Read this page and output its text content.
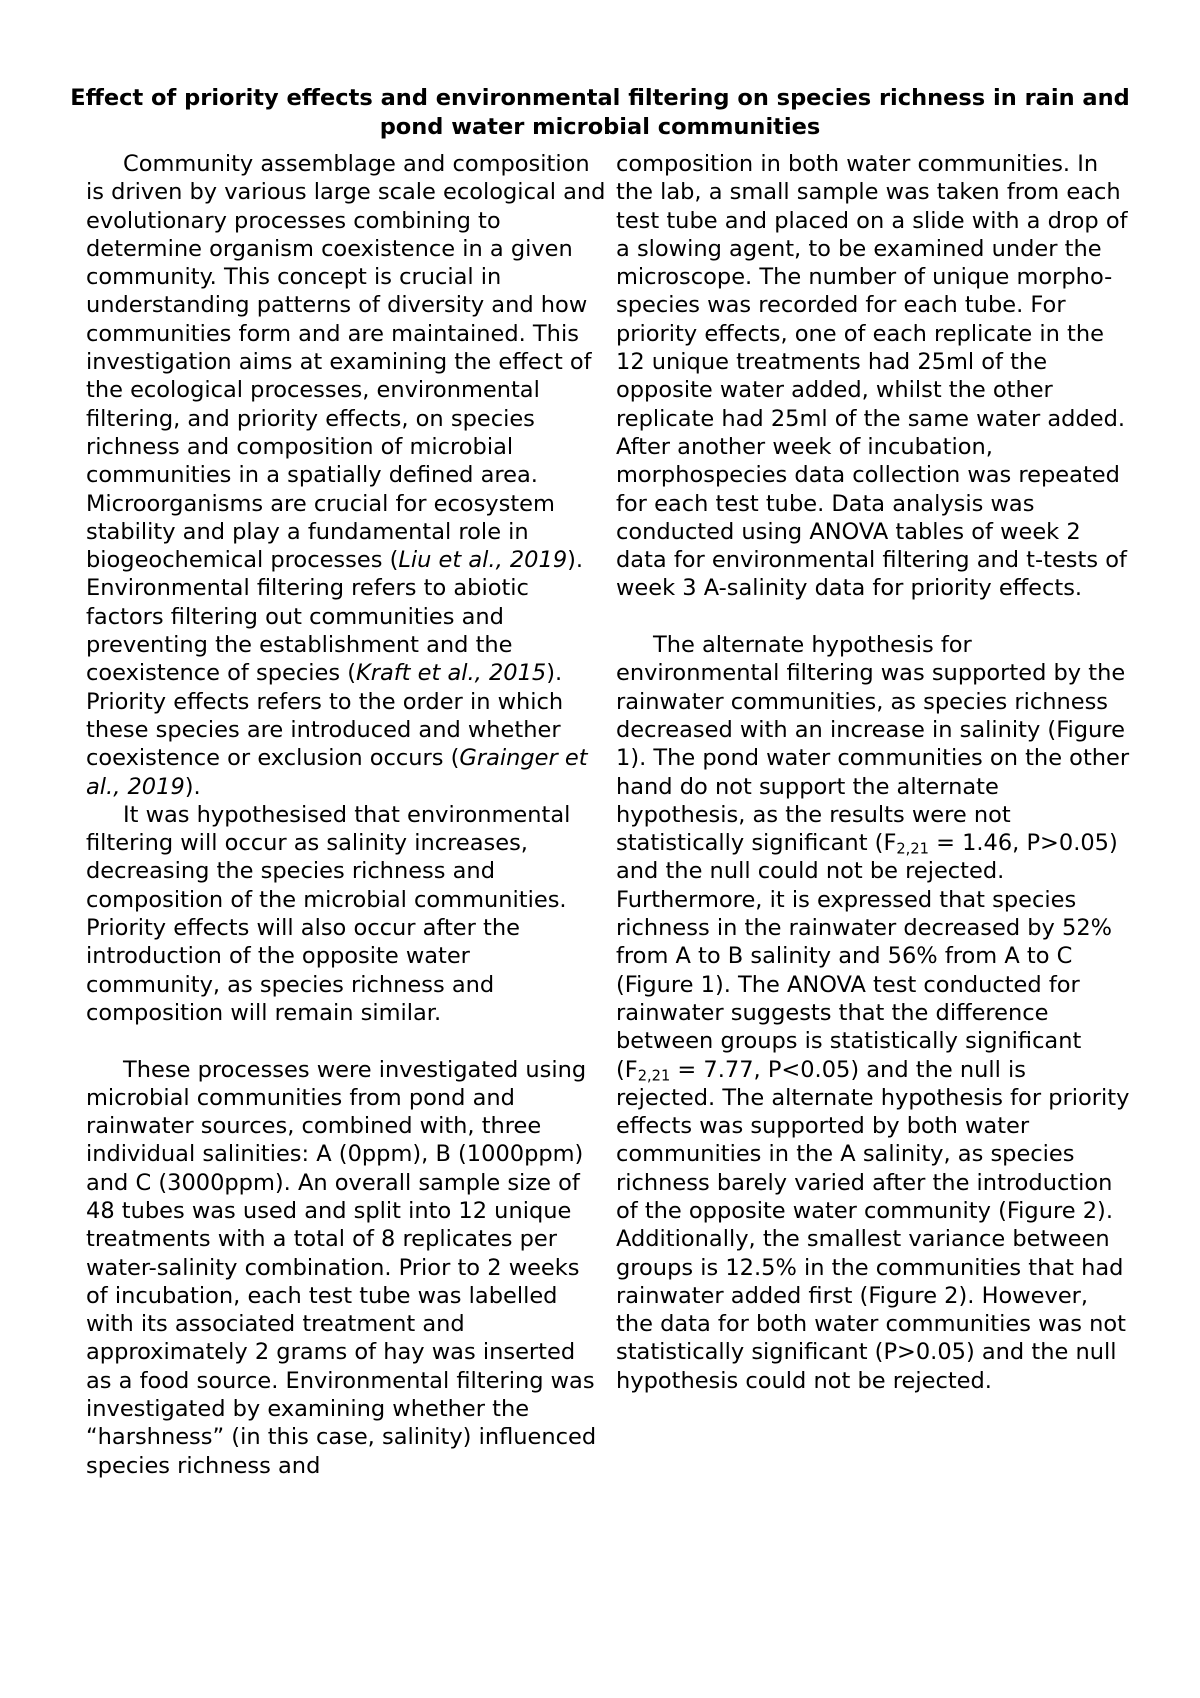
Effect of priority effects and environmental filtering on species richness in rain and pond water microbial communities

Community assemblage and composition is driven by various large scale ecological and evolutionary processes combining to determine organism coexistence in a given community. This concept is crucial in understanding patterns of diversity and how communities form and are maintained. This investigation aims at examining the effect of the ecological processes, environmental filtering, and priority effects, on species richness and composition of microbial communities in a spatially defined area. Microorganisms are crucial for ecosystem stability and play a fundamental role in biogeochemical processes (Liu et al., 2019). Environmental filtering refers to abiotic factors filtering out communities and preventing the establishment and the coexistence of species (Kraft et al., 2015). Priority effects refers to the order in which these species are introduced and whether coexistence or exclusion occurs (Grainger et al., 2019).

It was hypothesised that environmental filtering will occur as salinity increases, decreasing the species richness and composition of the microbial communities. Priority effects will also occur after the introduction of the opposite water community, as species richness and composition will remain similar.

These processes were investigated using microbial communities from pond and rainwater sources, combined with, three individual salinities: A (0ppm), B (1000ppm) and C (3000ppm). An overall sample size of 48 tubes was used and split into 12 unique treatments with a total of 8 replicates per water-salinity combination. Prior to 2 weeks of incubation, each test tube was labelled with its associated treatment and approximately 2 grams of hay was inserted as a food source. Environmental filtering was investigated by examining whether the “harshness” (in this case, salinity) influenced species richness and

composition in both water communities. In the lab, a small sample was taken from each test tube and placed on a slide with a drop of a slowing agent, to be examined under the microscope. The number of unique morpho-species was recorded for each tube. For priority effects, one of each replicate in the 12 unique treatments had 25ml of the opposite water added, whilst the other replicate had 25ml of the same water added. After another week of incubation, morphospecies data collection was repeated for each test tube. Data analysis was conducted using ANOVA tables of week 2 data for environmental filtering and t-tests of week 3 A-salinity data for priority effects.

The alternate hypothesis for environmental filtering was supported by the rainwater communities, as species richness decreased with an increase in salinity (Figure 1). The pond water communities on the other hand do not support the alternate hypothesis, as the results were not statistically significant ($F_{2,21} = 1.46$, P>0.05) and the null could not be rejected. Furthermore, it is expressed that species richness in the rainwater decreased by 52% from A to B salinity and 56% from A to C (Figure 1). The ANOVA test conducted for rainwater suggests that the difference between groups is statistically significant ($F_{2,21} = 7.77$, P<0.05) and the null is rejected. The alternate hypothesis for priority effects was supported by both water communities in the A salinity, as species richness barely varied after the introduction of the opposite water community (Figure 2). Additionally, the smallest variance between groups is 12.5% in the communities that had rainwater added first (Figure 2). However, the data for both water communities was not statistically significant (P>0.05) and the null hypothesis could not be rejected.
